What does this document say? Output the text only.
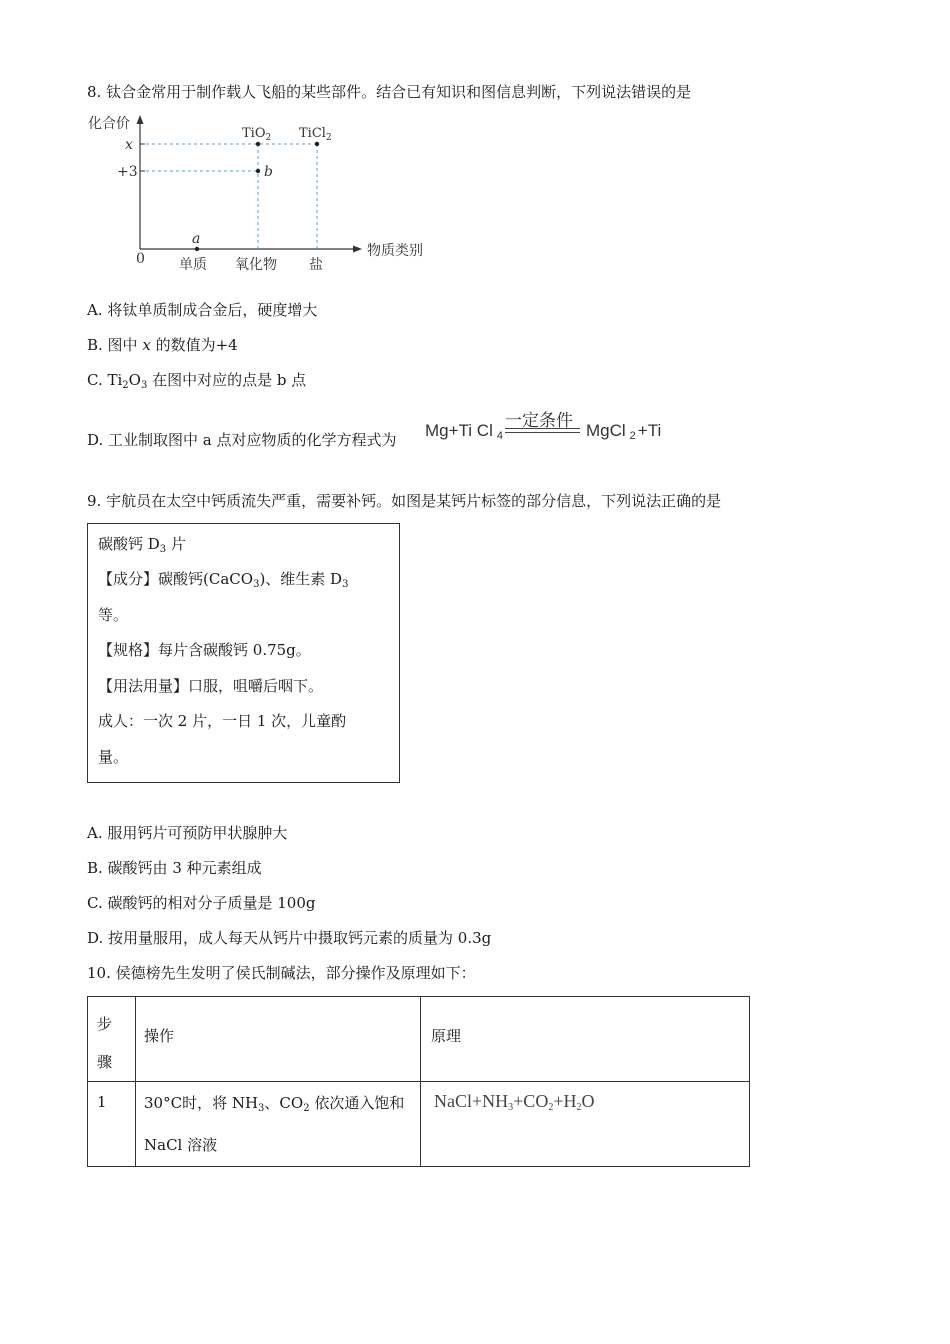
8. 钛合金常用于制作载人飞船的某些部件。结合已有知识和图信息判断，下列说法错误的是
化合价
x
+3
0 单质 氧化物 盐
物质类别
a
b
TiO$_2$ TiCl$_2$
A. 将钛单质制成合金后，硬度增大
B. 图中 x 的数值为+4
C. $Ti_2O_3$ 在图中对应的点是 b 点
D. 工业制取图中 a 点对应物质的化学方程式为 Mg+Ti Cl $_4$
一定条件
MgCl $_2$ +Ti
9. 宇航员在太空中钙质流失严重，需要补钙。如图是某钙片标签的部分信息，下列说法正确的是
碳酸钙 $D_3$ 片
【成分】碳酸钙(CaCO$_3$)、维生素 $D_3$
等。
【规格】每片含碳酸钙 0.75g。
【用法用量】口服，咀嚼后咽下。
成人：一次 2 片，一日 1 次，儿童酌
量。
A. 服用钙片可预防甲状腺肿大
B. 碳酸钙由 3 种元素组成
C. 碳酸钙的相对分子质量是 100g
D. 按用量服用，成人每天从钙片中摄取钙元素的质量为 0.3g
10. 侯德榜先生发明了侯氏制碱法，部分操作及原理如下：
步
骤	操作	原理

1	30°C时，将 $NH_3$、$CO_2$ 依次通入饱和
NaCl 溶液	$NaCl+NH_3+CO_2+H_2O$
